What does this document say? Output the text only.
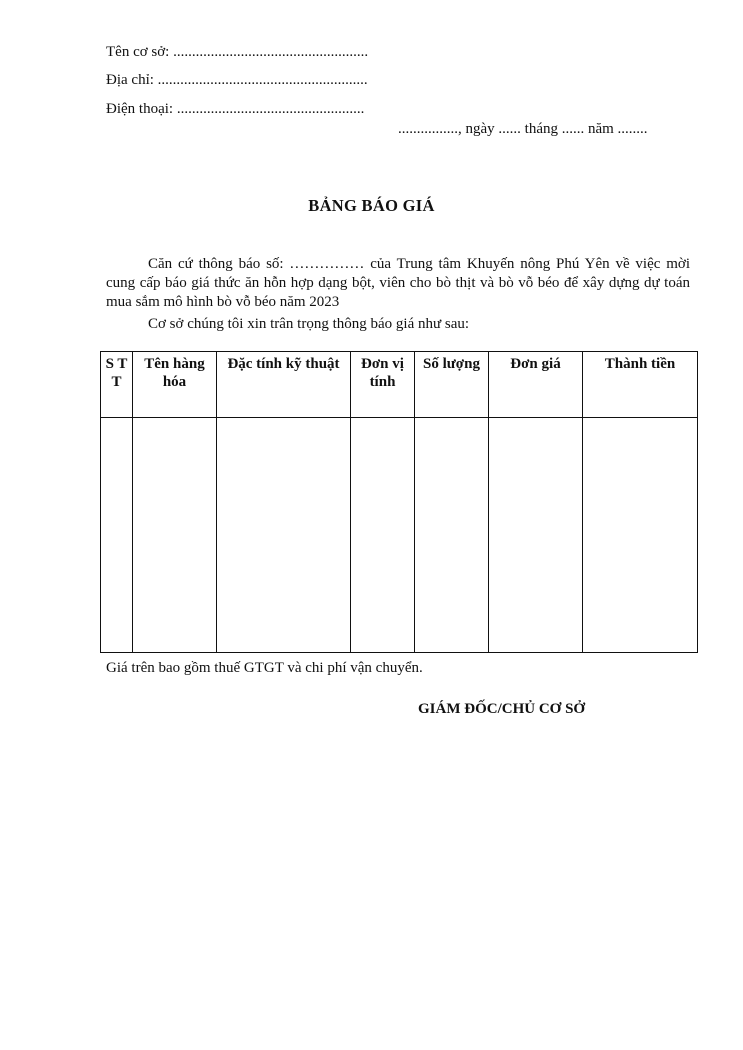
Tên cơ sở: ....................................................
Địa chỉ: ........................................................
Điện thoại: ..................................................
................, ngày ...... tháng ...... năm ........
BẢNG BÁO GIÁ

Căn cứ thông báo số: …………… của Trung tâm Khuyến nông Phú Yên về việc mời cung cấp báo giá thức ăn hỗn hợp dạng bột, viên cho bò thịt và bò vỗ béo để xây dựng dự toán mua sắm mô hình bò vỗ béo năm 2023

Cơ sở chúng tôi xin trân trọng thông báo giá như sau:
S T T	Tên hàng hóa	Đặc tính kỹ thuật	Đơn vị tính	Số lượng	Đơn giá	Thành tiền

Giá trên bao gồm thuế GTGT và chi phí vận chuyển.
GIÁM ĐỐC/CHỦ CƠ SỞ
